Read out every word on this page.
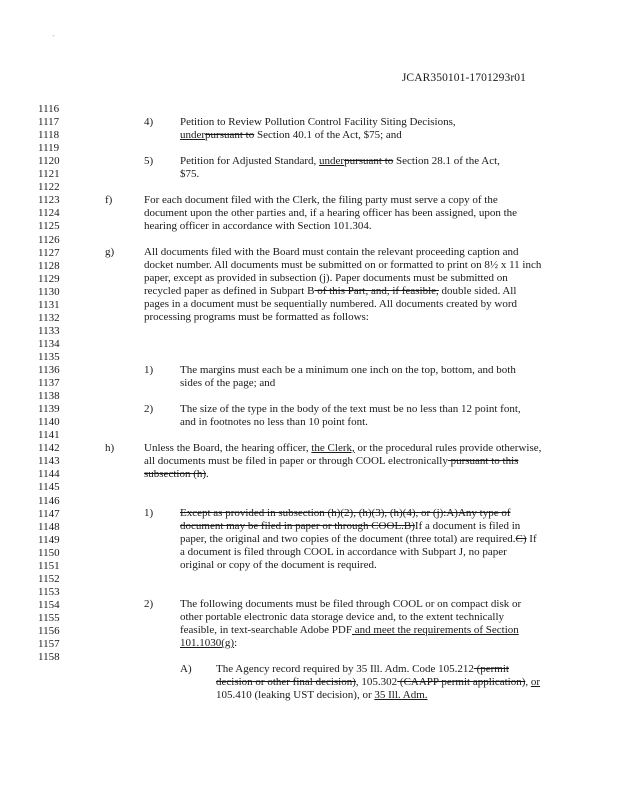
-
JCAR350101-1701293r01
1116
1117
1118
1119
1120
1121
1122
1123
1124
1125
1126
1127
1128
1129
1130
1131
1132
1133
1134
1135
1136
1137
1138
1139
1140
1141
1142
1143
1144
1145
1146
1147
1148
1149
1150
1151
1152
1153
1154
1155
1156
1157
1158
4) Petition to Review Pollution Control Facility Siting Decisions,
underpursuant to Section 40.1 of the Act, $75; and
5) Petition for Adjusted Standard, underpursuant to Section 28.1 of the Act,
$75.
f)	For each document filed with the Clerk, the filing party must serve a copy of the document upon the other parties and, if a hearing officer has been assigned, upon the hearing officer in accordance with Section 101.304.
g)	All documents filed with the Board must contain the relevant proceeding caption and docket number. All documents must be submitted on or formatted to print on 8½ x 11 inch paper, except as provided in subsection (j). Paper documents must be submitted on recycled paper as defined in Subpart B of this Part, and, if feasible, double sided. All pages in a document must be sequentially numbered. All documents created by word processing programs must be formatted as follows:
1) The margins must each be a minimum one inch on the top, bottom, and both sides of the page; and
2) The size of the type in the body of the text must be no less than 12 point font, and in footnotes no less than 10 point font.
h)	Unless the Board, the hearing officer, the Clerk, or the procedural rules provide otherwise, all documents must be filed in paper or through COOL electronically pursuant to this subsection (h).
1) Except as provided in subsection (h)(2), (h)(3), (h)(4), or (j):A)Any type of document may be filed in paper or through COOL.B)If a document is filed in paper, the original and two copies of the document (three total) are required.C) If a document is filed through COOL in accordance with Subpart J, no paper original or copy of the document is required.
2) The following documents must be filed through COOL or on compact disk or other portable electronic data storage device and, to the extent technically feasible, in text-searchable Adobe PDF and meet the requirements of Section 101.1030(g):
A) The Agency record required by 35 Ill. Adm. Code 105.212 (permit decision or other final decision), 105.302 (CAAPP permit application), or 105.410 (leaking UST decision), or 35 Ill. Adm.
